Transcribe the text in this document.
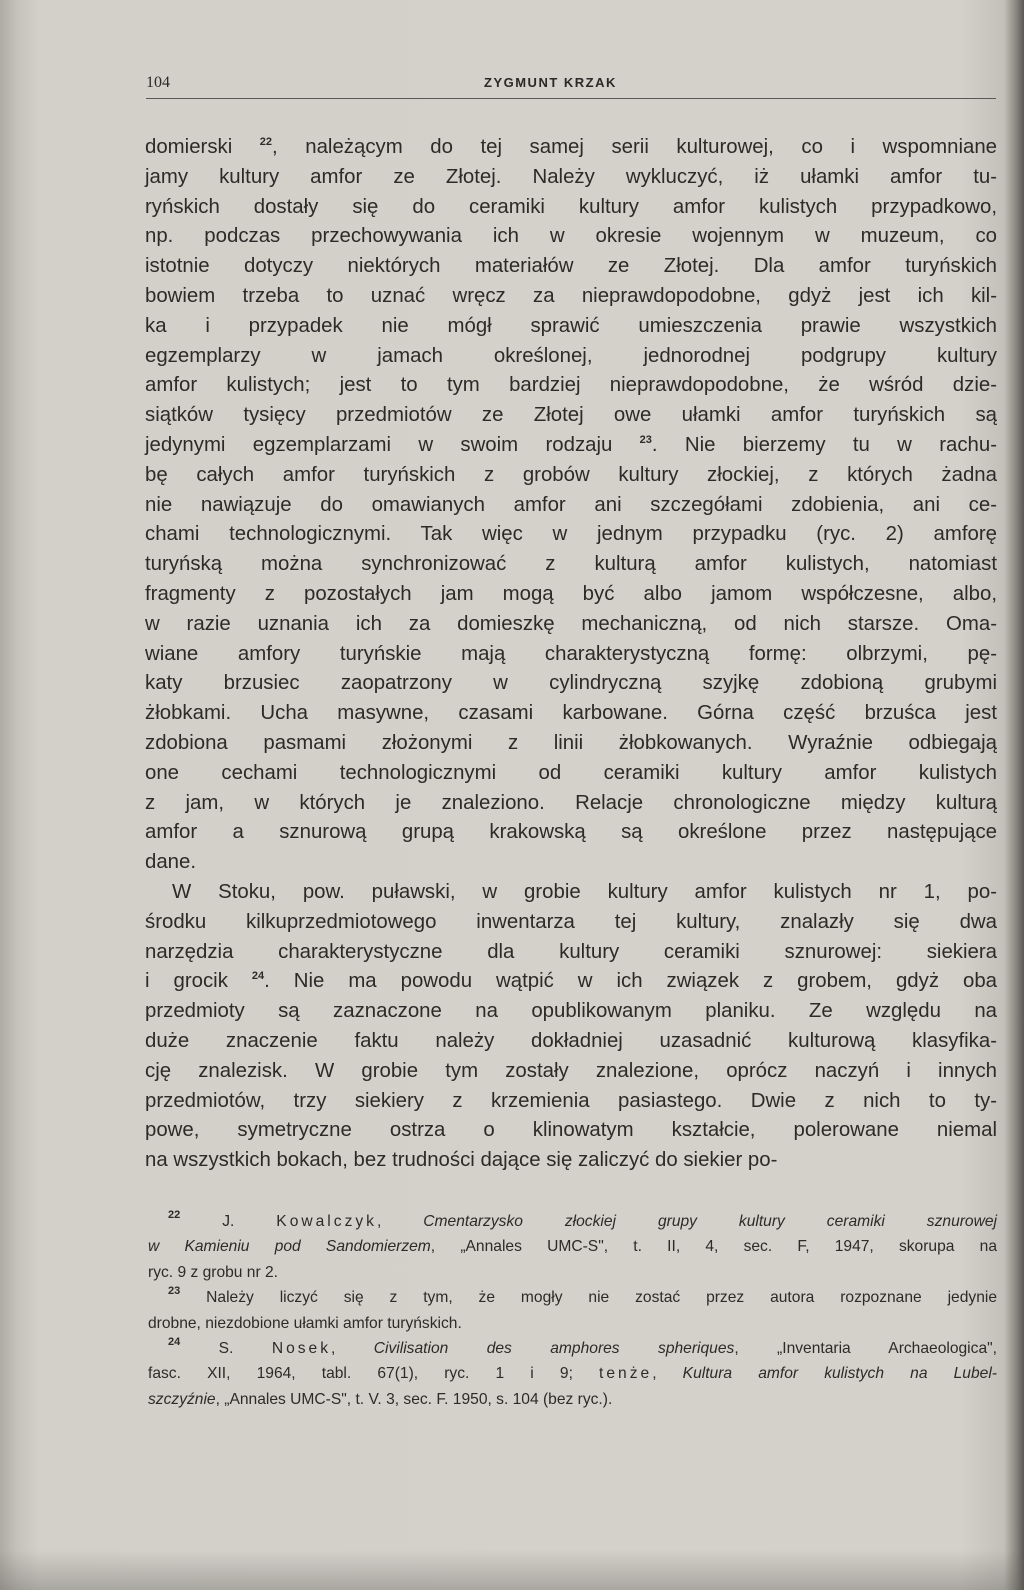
104	ZYGMUNT KRZAK
domierski $^{22}$, należącym do tej samej serii kulturowej, co i wspomniane
jamy kultury amfor ze Złotej. Należy wykluczyć, iż ułamki amfor tu-
ryńskich dostały się do ceramiki kultury amfor kulistych przypadkowo,
np. podczas przechowywania ich w okresie wojennym w muzeum, co
istotnie dotyczy niektórych materiałów ze Złotej. Dla amfor turyńskich
bowiem trzeba to uznać wręcz za nieprawdopodobne, gdyż jest ich kil-
ka i przypadek nie mógł sprawić umieszczenia prawie wszystkich
egzemplarzy w jamach określonej, jednorodnej podgrupy kultury
amfor kulistych; jest to tym bardziej nieprawdopodobne, że wśród dzie-
siątków tysięcy przedmiotów ze Złotej owe ułamki amfor turyńskich są
jedynymi egzemplarzami w swoim rodzaju $^{23}$. Nie bierzemy tu w rachu-
bę całych amfor turyńskich z grobów kultury złockiej, z których żadna
nie nawiązuje do omawianych amfor ani szczegółami zdobienia, ani ce-
chami technologicznymi. Tak więc w jednym przypadku (ryc. 2) amforę
turyńską można synchronizować z kulturą amfor kulistych, natomiast
fragmenty z pozostałych jam mogą być albo jamom współczesne, albo,
w razie uznania ich za domieszkę mechaniczną, od nich starsze. Oma-
wiane amfory turyńskie mają charakterystyczną formę: olbrzymi, pę-
katy brzusiec zaopatrzony w cylindryczną szyjkę zdobioną grubymi
żłobkami. Ucha masywne, czasami karbowane. Górna część brzuśca jest
zdobiona pasmami złożonymi z linii żłobkowanych. Wyraźnie odbiegają
one cechami technologicznymi od ceramiki kultury amfor kulistych
z jam, w których je znaleziono. Relacje chronologiczne między kulturą
amfor a sznurową grupą krakowską są określone przez następujące
dane.
W Stoku, pow. puławski, w grobie kultury amfor kulistych nr 1, po-
środku kilkuprzedmiotowego inwentarza tej kultury, znalazły się dwa
narzędzia charakterystyczne dla kultury ceramiki sznurowej: siekiera
i grocik $^{24}$. Nie ma powodu wątpić w ich związek z grobem, gdyż oba
przedmioty są zaznaczone na opublikowanym planiku. Ze względu na
duże znaczenie faktu należy dokładniej uzasadnić kulturową klasyfika-
cję znalezisk. W grobie tym zostały znalezione, oprócz naczyń i innych
przedmiotów, trzy siekiery z krzemienia pasiastego. Dwie z nich to ty-
powe, symetryczne ostrza o klinowatym kształcie, polerowane niemal
na wszystkich bokach, bez trudności dające się zaliczyć do siekier po-
$^{22}$ J. Kowalczyk, Cmentarzysko złockiej grupy kultury ceramiki sznurowej
w Kamieniu pod Sandomierzem, „Annales UMC-S", t. II, 4, sec. F, 1947, skorupa na
ryc. 9 z grobu nr 2.
$^{23}$ Należy liczyć się z tym, że mogły nie zostać przez autora rozpoznane jedynie
drobne, niezdobione ułamki amfor turyńskich.
$^{24}$ S. Nosek, Civilisation des amphores spheriques, „Inventaria Archaeologica",
fasc. XII, 1964, tabl. 67(1), ryc. 1 i 9; tenże, Kultura amfor kulistych na Lubel-
szczyźnie, „Annales UMC-S", t. V. 3, sec. F. 1950, s. 104 (bez ryc.).
